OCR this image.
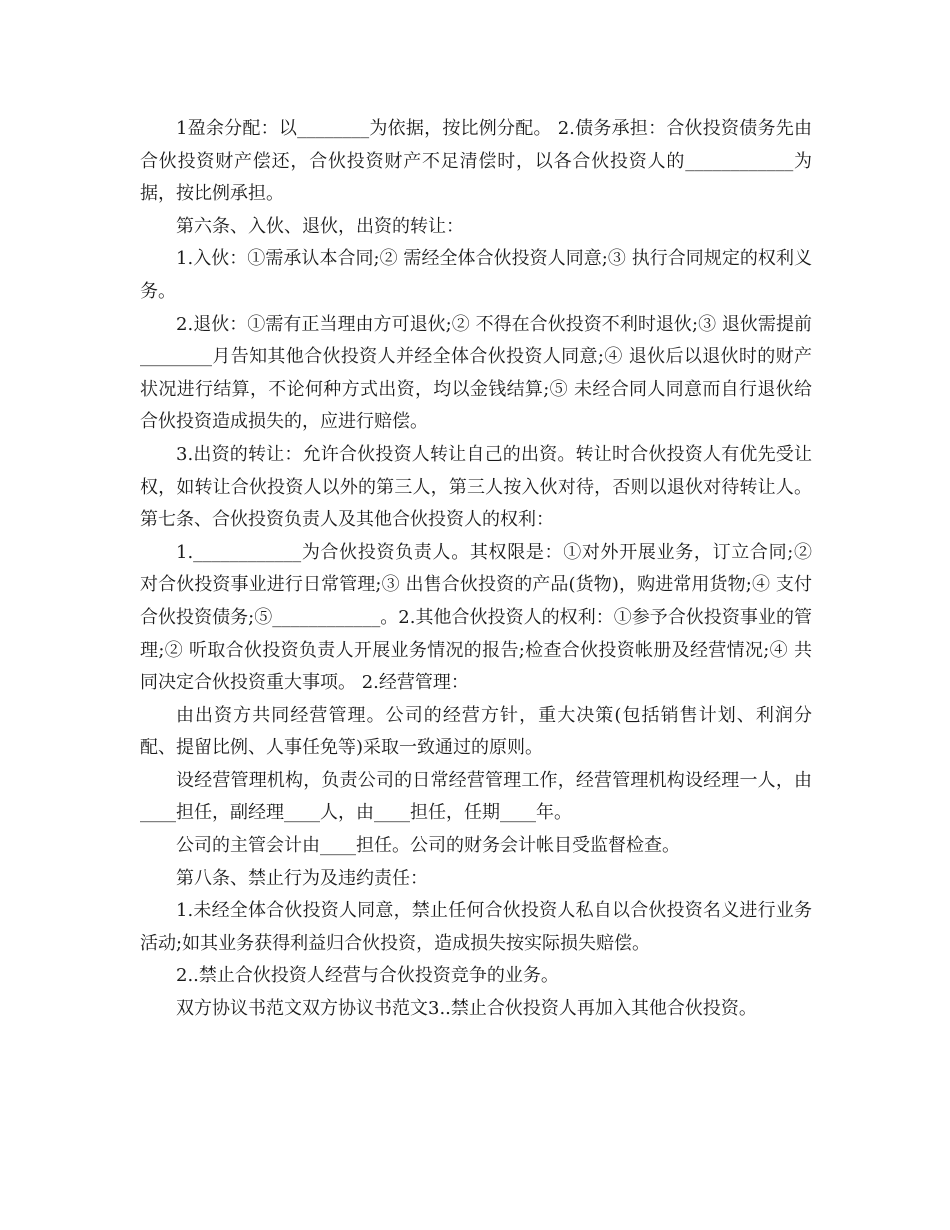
1盈余分配：以________为依据，按比例分配。 2.债务承担：合伙投资债务先由合伙投资财产偿还，合伙投资财产不足清偿时，以各合伙投资人的____________为据，按比例承担。

第六条、入伙、退伙，出资的转让：

1.入伙：①需承认本合同;② 需经全体合伙投资人同意;③ 执行合同规定的权利义务。

2.退伙：①需有正当理由方可退伙;② 不得在合伙投资不利时退伙;③ 退伙需提前________月告知其他合伙投资人并经全体合伙投资人同意;④ 退伙后以退伙时的财产状况进行结算，不论何种方式出资，均以金钱结算;⑤ 未经合同人同意而自行退伙给合伙投资造成损失的，应进行赔偿。

3.出资的转让：允许合伙投资人转让自己的出资。转让时合伙投资人有优先受让权，如转让合伙投资人以外的第三人，第三人按入伙对待，否则以退伙对待转让人。 第七条、合伙投资负责人及其他合伙投资人的权利：

1.____________为合伙投资负责人。其权限是：①对外开展业务，订立合同;② 对合伙投资事业进行日常管理;③ 出售合伙投资的产品(货物)，购进常用货物;④ 支付合伙投资债务;⑤____________。2.其他合伙投资人的权利：①参予合伙投资事业的管理;② 听取合伙投资负责人开展业务情况的报告;检查合伙投资帐册及经营情况;④ 共同决定合伙投资重大事项。 2.经营管理：

由出资方共同经营管理。公司的经营方针，重大决策(包括销售计划、利润分配、提留比例、人事任免等)采取一致通过的原则。

设经营管理机构，负责公司的日常经营管理工作，经营管理机构设经理一人，由____担任，副经理____人，由____担任，任期____年。

公司的主管会计由____担任。公司的财务会计帐目受监督检查。

第八条、禁止行为及违约责任：

1.未经全体合伙投资人同意，禁止任何合伙投资人私自以合伙投资名义进行业务活动;如其业务获得利益归合伙投资，造成损失按实际损失赔偿。

2..禁止合伙投资人经营与合伙投资竞争的业务。

双方协议书范文双方协议书范文3..禁止合伙投资人再加入其他合伙投资。
